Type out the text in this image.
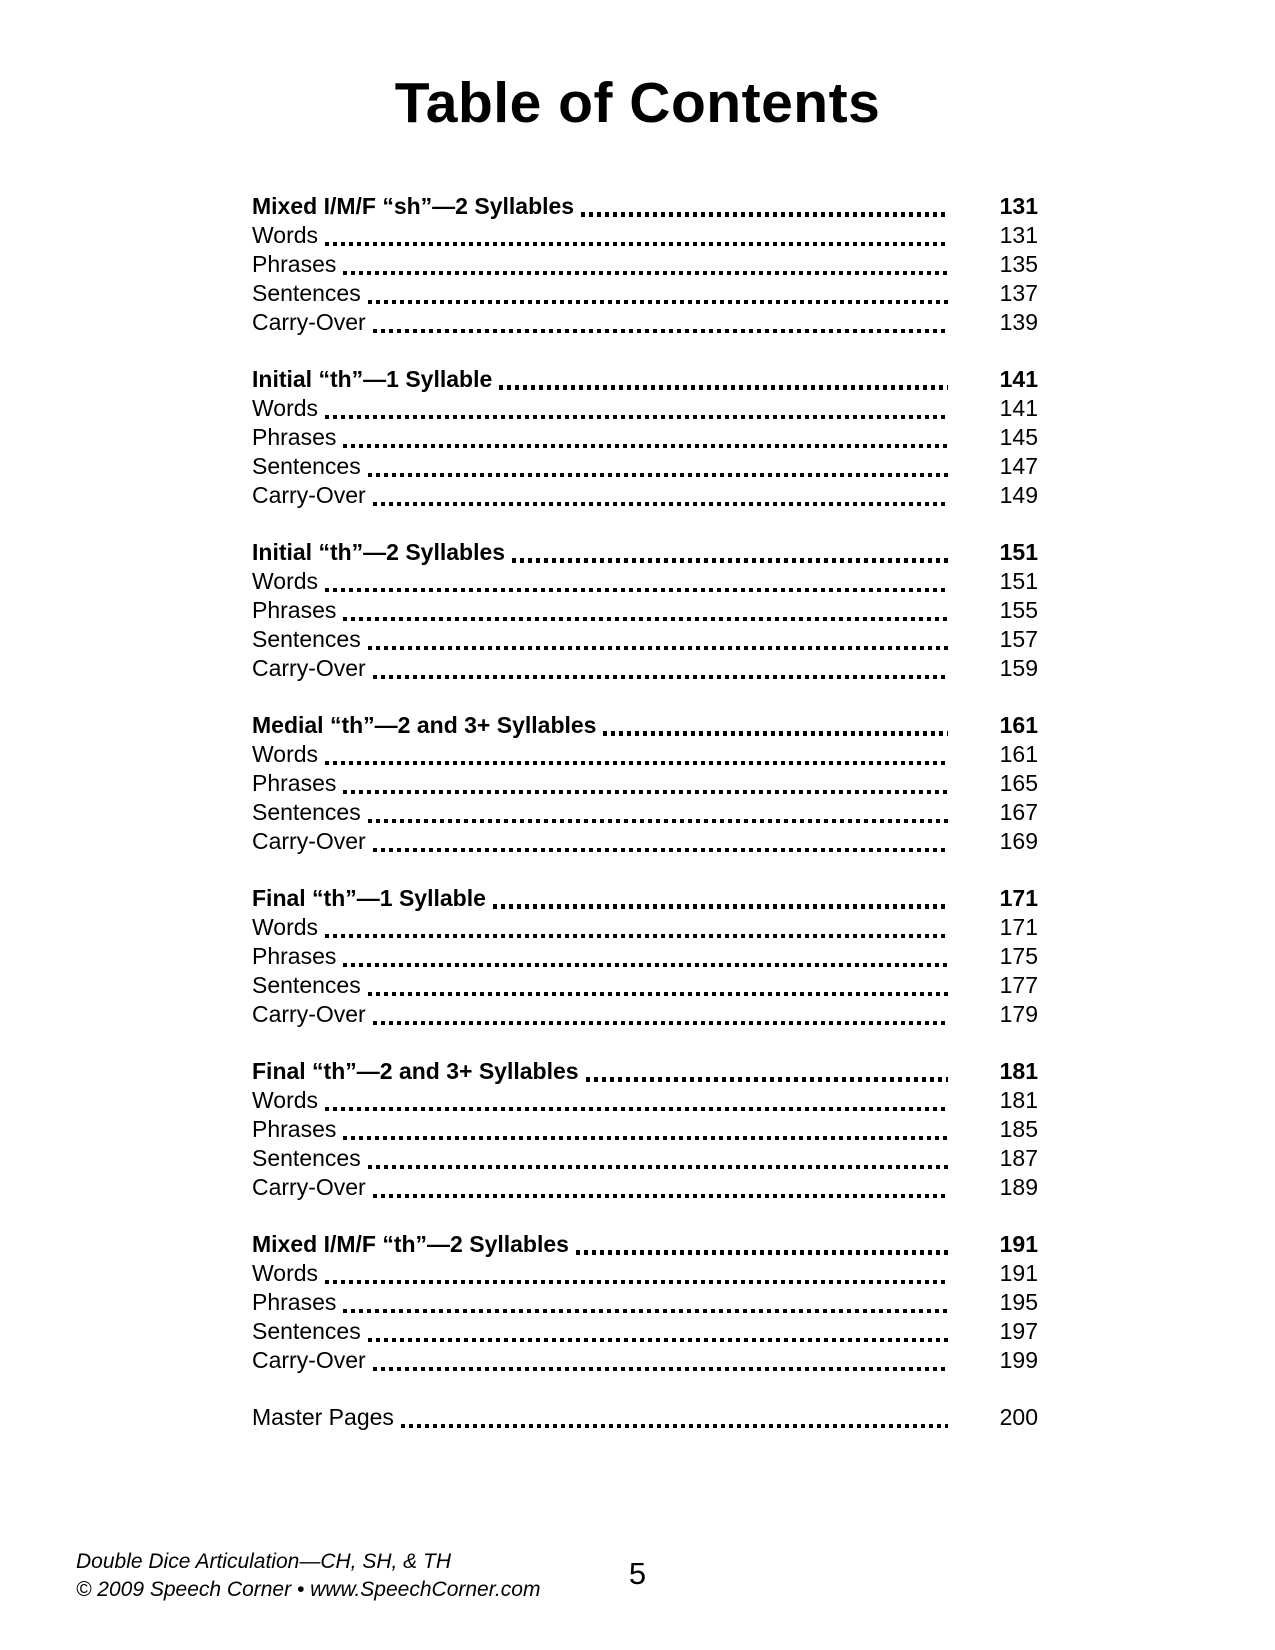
Table of Contents
Mixed I/M/F “sh”—2 Syllables	131
Words	131
Phrases	135
Sentences	137
Carry-Over	139
Initial “th”—1 Syllable	141
Words	141
Phrases	145
Sentences	147
Carry-Over	149
Initial “th”—2 Syllables	151
Words	151
Phrases	155
Sentences	157
Carry-Over	159
Medial “th”—2 and 3+ Syllables	161
Words	161
Phrases	165
Sentences	167
Carry-Over	169
Final “th”—1 Syllable	171
Words	171
Phrases	175
Sentences	177
Carry-Over	179
Final “th”—2 and 3+ Syllables	181
Words	181
Phrases	185
Sentences	187
Carry-Over	189
Mixed I/M/F “th”—2 Syllables	191
Words	191
Phrases	195
Sentences	197
Carry-Over	199
Master Pages	200
Double Dice Articulation—CH, SH, & TH
© 2009 Speech Corner • www.SpeechCorner.com	5
